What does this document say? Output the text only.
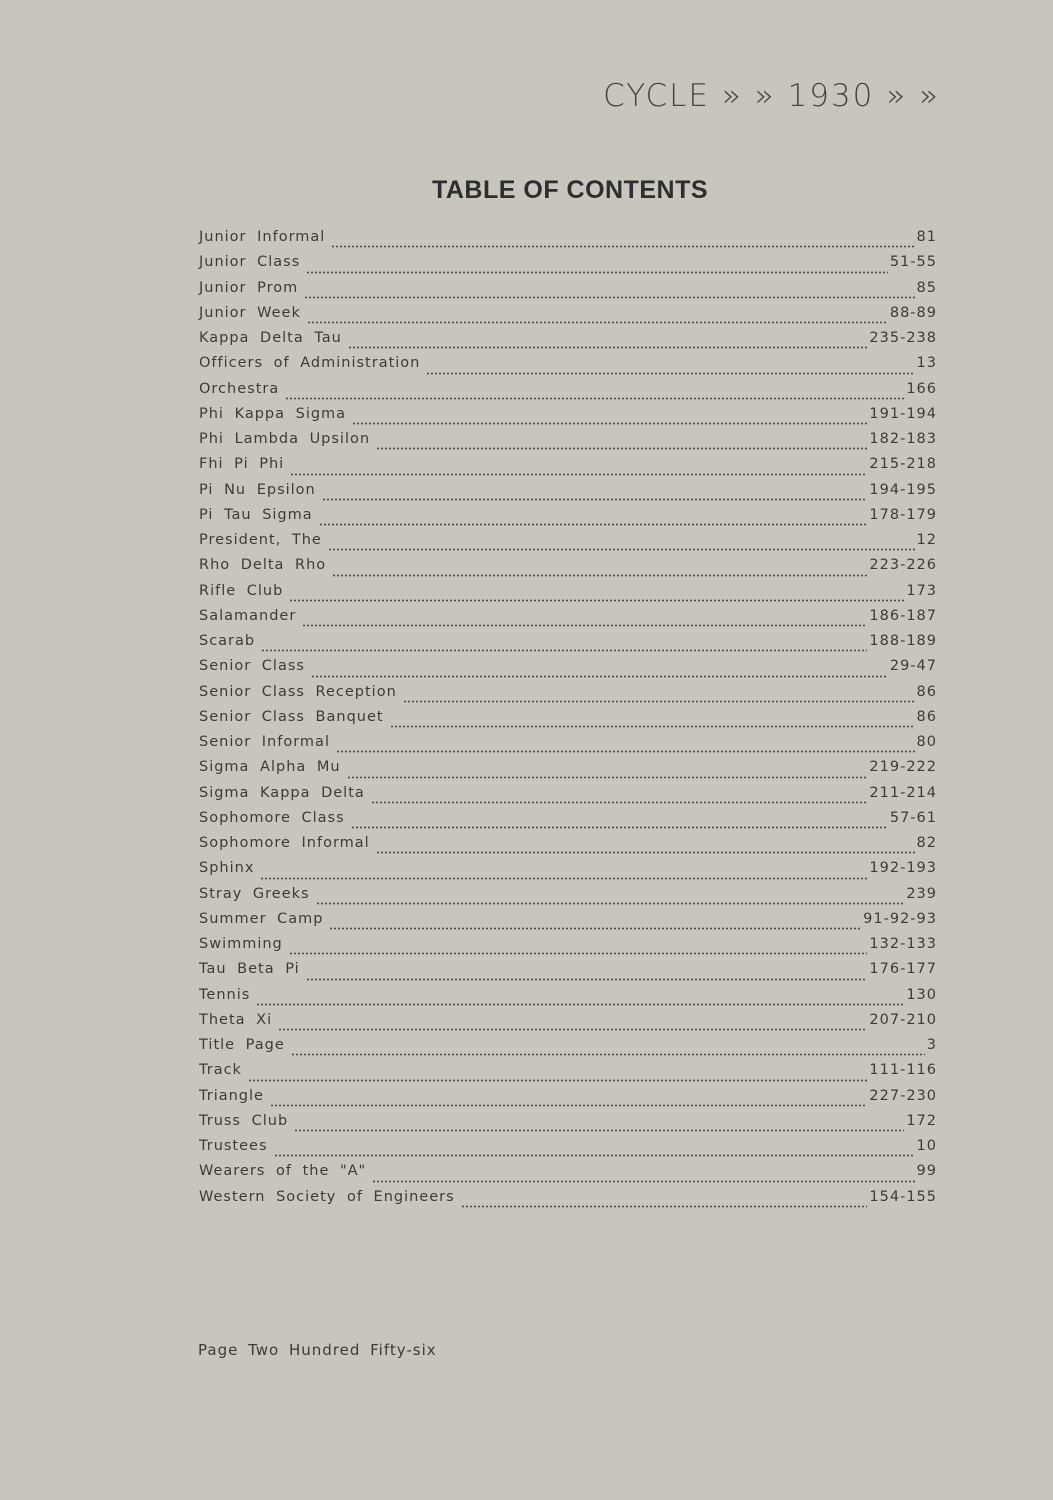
CYCLE » » 1930 » »
TABLE OF CONTENTS
Junior Informal	81
Junior Class	51-55
Junior Prom	85
Junior Week	88-89
Kappa Delta Tau	235-238
Officers of Administration	13
Orchestra	166
Phi Kappa Sigma	191-194
Phi Lambda Upsilon	182-183
Fhi Pi Phi	215-218
Pi Nu Epsilon	194-195
Pi Tau Sigma	178-179
President, The	12
Rho Delta Rho	223-226
Rifle Club	173
Salamander	186-187
Scarab	188-189
Senior Class	29-47
Senior Class Reception	86
Senior Class Banquet	86
Senior Informal	80
Sigma Alpha Mu	219-222
Sigma Kappa Delta	211-214
Sophomore Class	57-61
Sophomore Informal	82
Sphinx	192-193
Stray Greeks	239
Summer Camp	91-92-93
Swimming	132-133
Tau Beta Pi	176-177
Tennis	130
Theta Xi	207-210
Title Page	3
Track	111-116
Triangle	227-230
Truss Club	172
Trustees	10
Wearers of the "A"	99
Western Society of Engineers	154-155
Page Two Hundred Fifty-six
